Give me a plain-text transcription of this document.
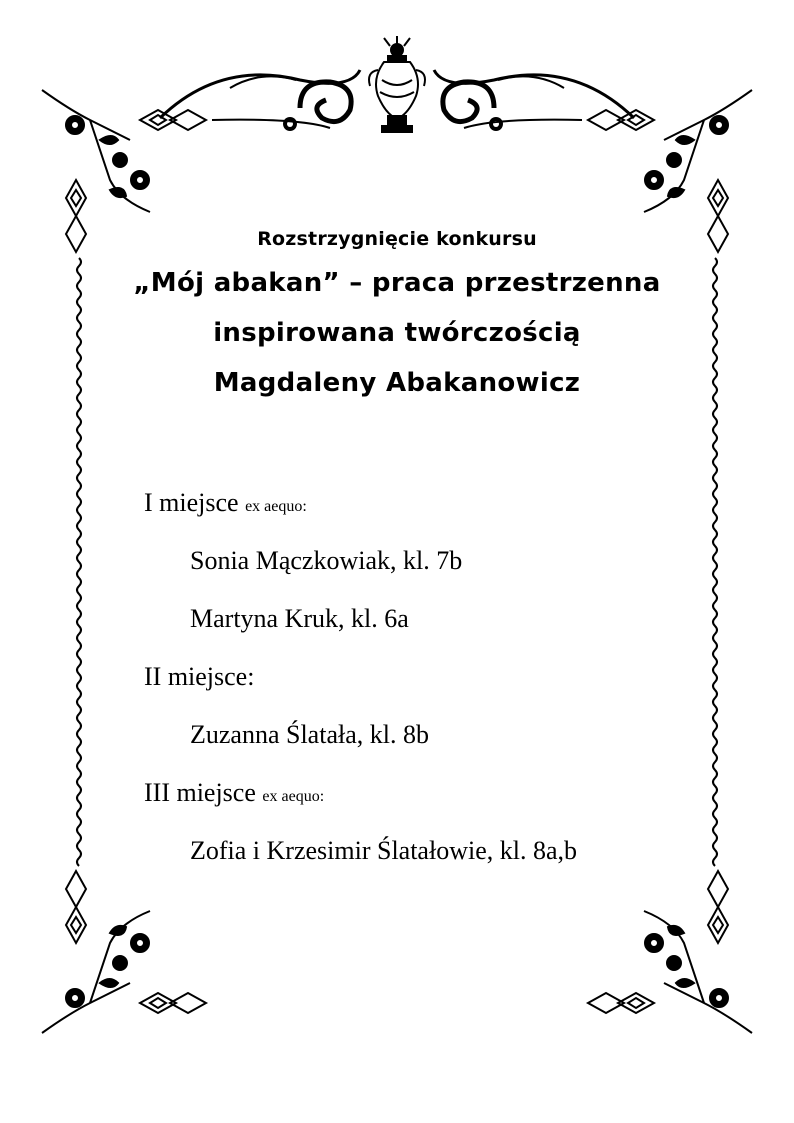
Rozstrzygnięcie konkursu
„Mój abakan” – praca przestrzenna
inspirowana twórczością
Magdaleny Abakanowicz
I miejsce ex aequo:
Sonia Mączkowiak, kl. 7b
Martyna Kruk, kl. 6a
II miejsce:
Zuzanna Ślatała, kl. 8b
III miejsce ex aequo:
Zofia i Krzesimir Ślatałowie, kl. 8a,b
